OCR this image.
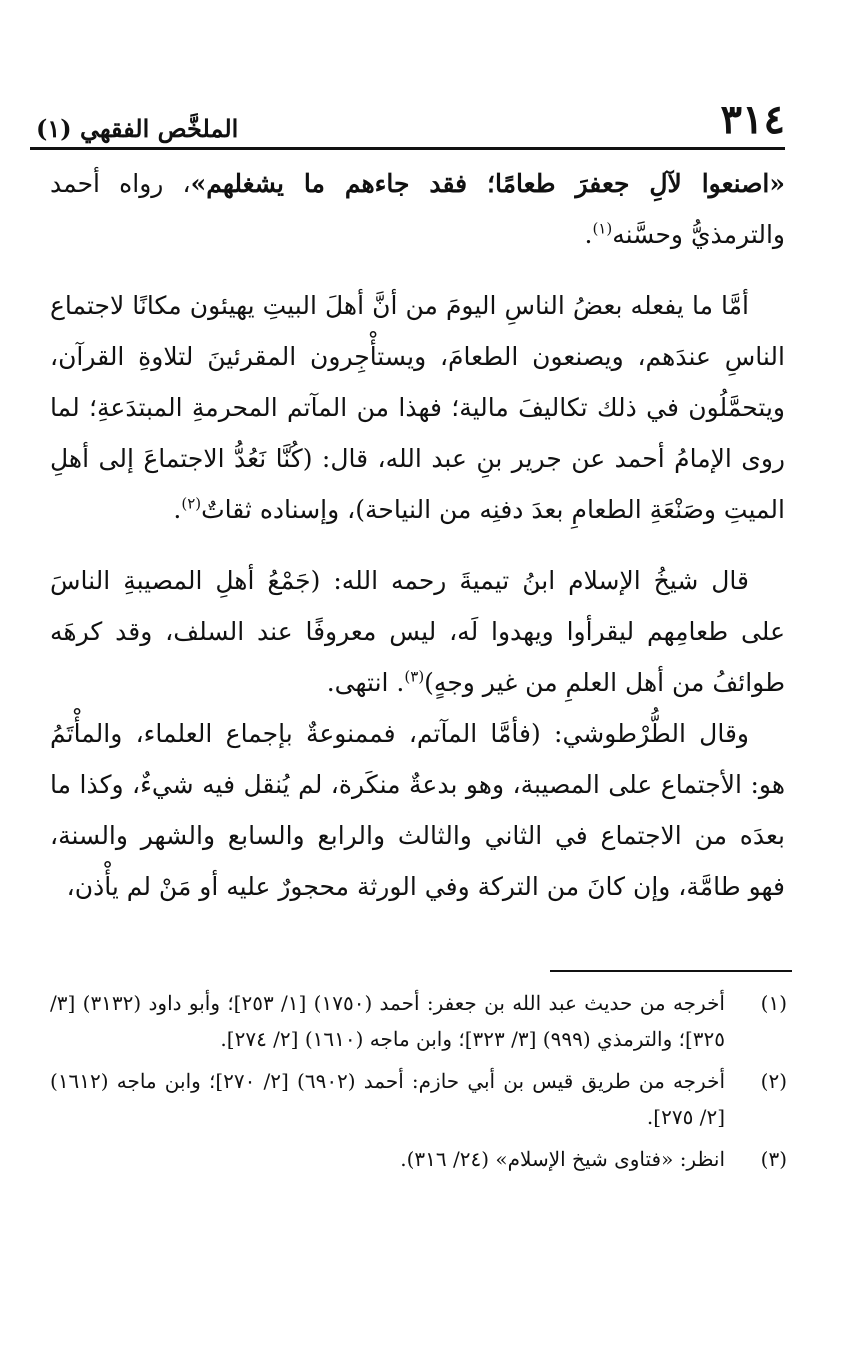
٣١٤
الملخَّص الفقهي (١)

«اصنعوا لآلِ جعفرَ طعامًا؛ فقد جاءهم ما يشغلهم»، رواه أحمد والترمذيُّ وحسَّنه$^{(١)}$.

أمَّا ما يفعله بعضُ الناسِ اليومَ من أنَّ أهلَ البيتِ يهيئون مكانًا لاجتماع الناسِ عندَهم، ويصنعون الطعامَ، ويستأْجِرون المقرئينَ لتلاوةِ القرآن، ويتحمَّلُون في ذلك تكاليفَ مالية؛ فهذا من المآتم المحرمةِ المبتدَعةِ؛ لما روى الإمامُ أحمد عن جرير بنِ عبد الله، قال: (كُنَّا نَعُدُّ الاجتماعَ إلى أهلِ الميتِ وصَنْعَةِ الطعامِ بعدَ دفنِه من النياحة)، وإسناده ثقاتٌ$^{(٢)}$.

قال شيخُ الإسلام ابنُ تيميةَ رحمه الله: (جَمْعُ أهلِ المصيبةِ الناسَ على طعامِهم ليقرأوا ويهدوا لَه، ليس معروفًا عند السلف، وقد كرهَه طوائفُ من أهل العلمِ من غير وجهٍ)$^{(٣)}$. انتهى.

وقال الطُّرْطوشي: (فأمَّا المآتم، فممنوعةٌ بإجماع العلماء، والمأْتَمُ هو: الأجتماع على المصيبة، وهو بدعةٌ منكَرة، لم يُنقل فيه شيءٌ، وكذا ما بعدَه من الاجتماع في الثاني والثالث والرابع والسابع والشهر والسنة، فهو طامَّة، وإن كانَ من التركة وفي الورثة محجورٌ عليه أو مَنْ لم يأْذن،

(١)
أخرجه من حديث عبد الله بن جعفر: أحمد (١٧٥٠) [١/ ٢٥٣]؛ وأبو داود (٣١٣٢) [٣/ ٣٢٥]؛ والترمذي (٩٩٩) [٣/ ٣٢٣]؛ وابن ماجه (١٦١٠) [٢/ ٢٧٤].

(٢)
أخرجه من طريق قيس بن أبي حازم: أحمد (٦٩٠٢) [٢/ ٢٧٠]؛ وابن ماجه (١٦١٢) [٢/ ٢٧٥].

(٣)
انظر: «فتاوى شيخ الإسلام» (٢٤/ ٣١٦).
